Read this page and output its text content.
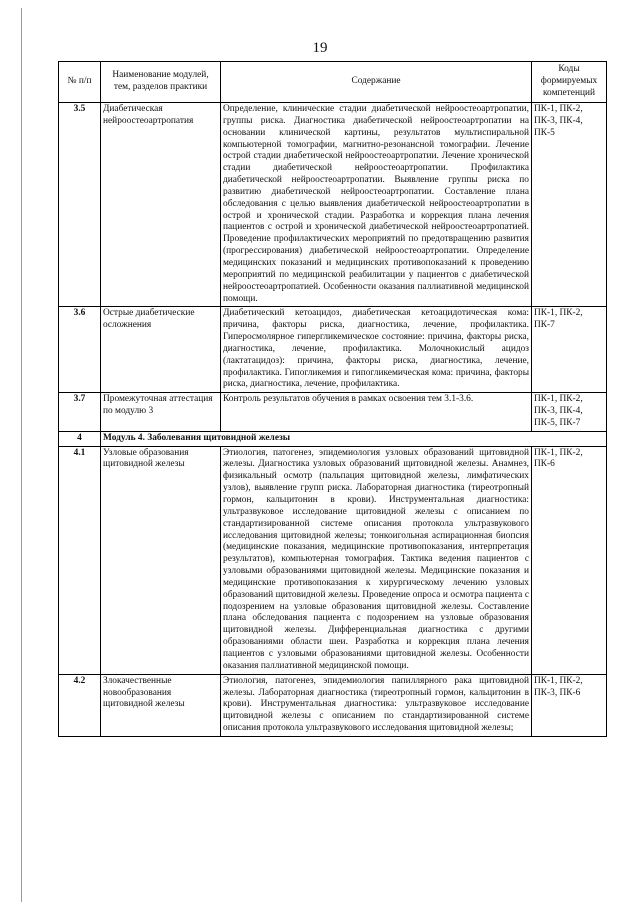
19
№ п/п	Наименование модулей, тем, разделов практики	Содержание	Коды формируемых компетенций
3.5	Диабетическая нейроостеоартропатия	Определение, клинические стадии диабетической нейроостеоартропатии, группы риска. Диагностика диабетической нейроостеоартропатии на основании клинической картины, результатов мультиспиральной компьютерной томографии, магнитно-резонансной томографии. Лечение острой стадии диабетической нейроостеоартропатии. Лечение хронической стадии диабетической нейроостеоартропатии. Профилактика диабетической нейроостеоартропатии. Выявление группы риска по развитию диабетической нейроостеоартропатии. Составление плана обследования с целью выявления диабетической нейроостеоартропатии в острой и хронической стадии. Разработка и коррекция плана лечения пациентов с острой и хронической диабетической нейроостеоартропатией. Проведение профилактических мероприятий по предотвращению развития (прогрессирования) диабетической нейроостеоартропатии. Определение медицинских показаний и медицинских противопоказаний к проведению мероприятий по медицинской реабилитации у пациентов с диабетической нейроостеоартропатией. Особенности оказания паллиативной медицинской помощи.	ПК-1, ПК-2, ПК-3, ПК-4, ПК-5
3.6	Острые диабетические осложнения	Диабетический кетоацидоз, диабетическая кетоацидотическая кома: причина, факторы риска, диагностика, лечение, профилактика. Гиперосмолярное гипергликемическое состояние: причина, факторы риска, диагностика, лечение, профилактика. Молочнокислый ацидоз (лактатацидоз): причина, факторы риска, диагностика, лечение, профилактика. Гипогликемия и гипогликемическая кома: причина, факторы риска, диагностика, лечение, профилактика.	ПК-1, ПК-2, ПК-7
3.7	Промежуточная аттестация по модулю 3	Контроль результатов обучения в рамках освоения тем 3.1-3.6.	ПК-1, ПК-2, ПК-3, ПК-4, ПК-5, ПК-7
4	Модуль 4. Заболевания щитовидной железы		
4.1	Узловые образования щитовидной железы	Этиология, патогенез, эпидемиология узловых образований щитовидной железы. Диагностика узловых образований щитовидной железы. Анамнез, физикальный осмотр (пальпация щитовидной железы, лимфатических узлов), выявление групп риска. Лабораторная диагностика (тиреотропный гормон, кальцитонин в крови). Инструментальная диагностика: ультразвуковое исследование щитовидной железы с описанием по стандартизированной системе описания протокола ультразвукового исследования щитовидной железы; тонкоигольная аспирационная биопсия (медицинские показания, медицинские противопоказания, интерпретация результатов), компьютерная томография. Тактика ведения пациентов с узловыми образованиями щитовидной железы. Медицинские показания и медицинские противопоказания к хирургическому лечению узловых образований щитовидной железы. Проведение опроса и осмотра пациента с подозрением на узловые образования щитовидной железы. Составление плана обследования пациента с подозрением на узловые образования щитовидной железы. Дифференциальная диагностика с другими образованиями области шеи. Разработка и коррекция плана лечения пациентов с узловыми образованиями щитовидной железы. Особенности оказания паллиативной медицинской помощи.	ПК-1, ПК-2, ПК-6
4.2	Злокачественные новообразования щитовидной железы	Этиология, патогенез, эпидемиология папиллярного рака щитовидной железы. Лабораторная диагностика (тиреотропный гормон, кальцитонин в крови). Инструментальная диагностика: ультразвуковое исследование щитовидной железы с описанием по стандартизированной системе описания протокола ультразвукового исследования щитовидной железы;	ПК-1, ПК-2, ПК-3, ПК-6
